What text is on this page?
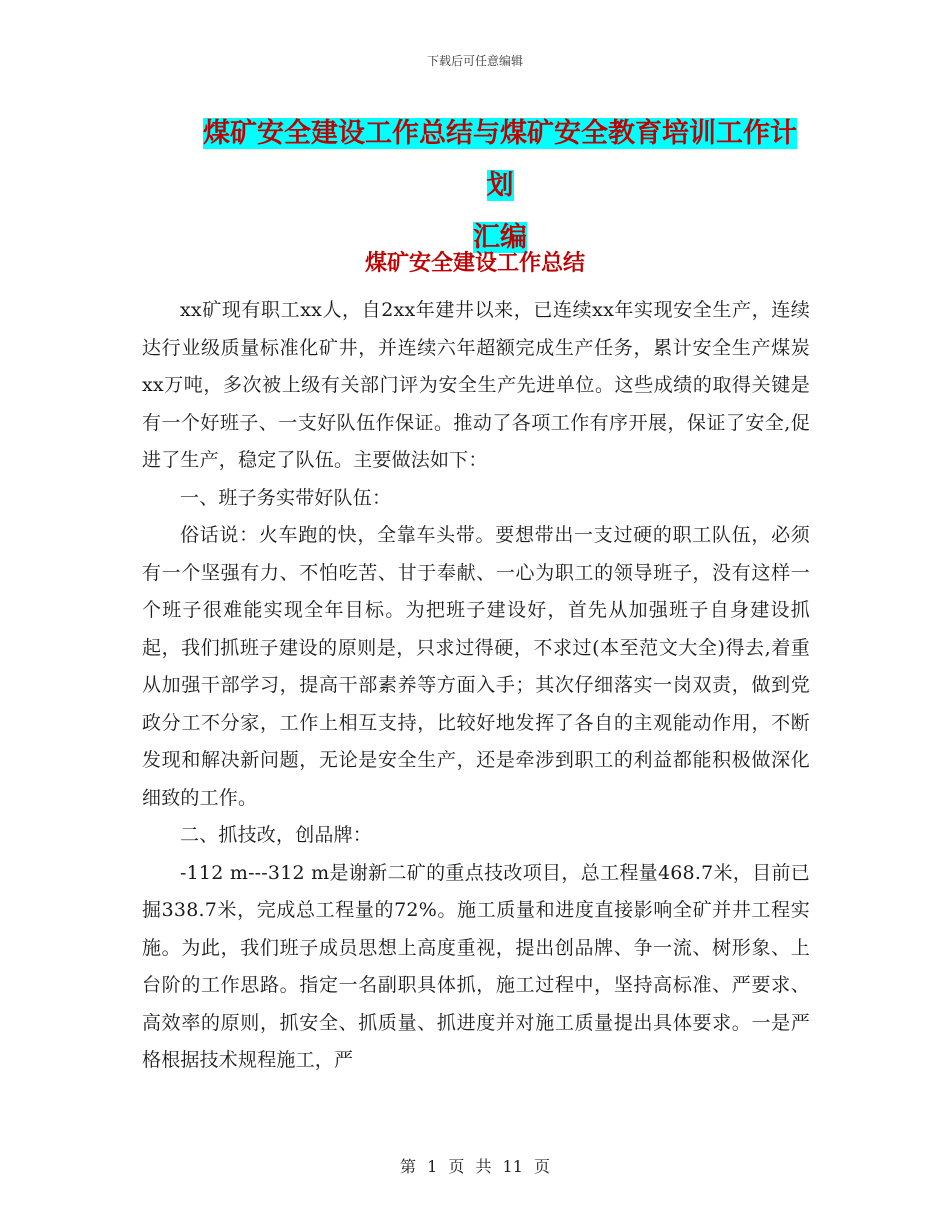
下载后可任意编辑
煤矿安全建设工作总结与煤矿安全教育培训工作计划
汇编
煤矿安全建设工作总结

xx矿现有职工xx人，自2xx年建井以来，已连续xx年实现安全生产，连续达行业级质量标准化矿井，并连续六年超额完成生产任务，累计安全生产煤炭xx万吨，多次被上级有关部门评为安全生产先进单位。这些成绩的取得关键是有一个好班子、一支好队伍作保证。推动了各项工作有序开展，保证了安全,促进了生产，稳定了队伍。主要做法如下：

一、班子务实带好队伍：

俗话说：火车跑的快，全靠车头带。要想带出一支过硬的职工队伍，必须有一个坚强有力、不怕吃苦、甘于奉献、一心为职工的领导班子，没有这样一个班子很难能实现全年目标。为把班子建设好，首先从加强班子自身建设抓起，我们抓班子建设的原则是，只求过得硬，不求过(本至范文大全)得去,着重从加强干部学习，提高干部素养等方面入手；其次仔细落实一岗双责，做到党政分工不分家，工作上相互支持，比较好地发挥了各自的主观能动作用，不断发现和解决新问题，无论是安全生产，还是牵涉到职工的利益都能积极做深化细致的工作。

二、抓技改，创品牌：

-112 m---312 m是谢新二矿的重点技改项目，总工程量468.7米，目前已掘338.7米，完成总工程量的72%。施工质量和进度直接影响全矿并井工程实施。为此，我们班子成员思想上高度重视，提出创品牌、争一流、树形象、上台阶的工作思路。指定一名副职具体抓，施工过程中，坚持高标准、严要求、高效率的原则，抓安全、抓质量、抓进度并对施工质量提出具体要求。一是严格根据技术规程施工，严

第 1 页 共 11 页
